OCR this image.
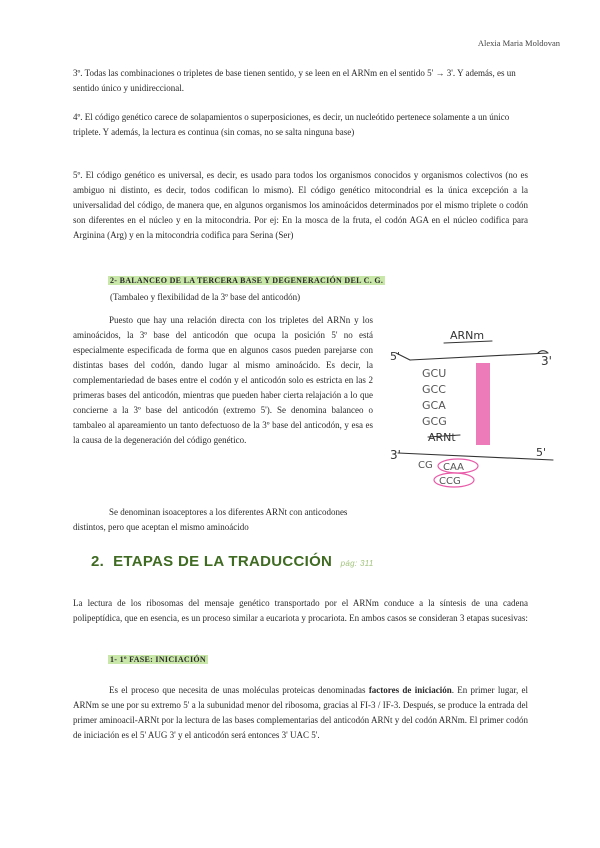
Alexia Maria Moldovan
3º. Todas las combinaciones o tripletes de base tienen sentido, y se leen en el ARNm en el sentido 5' → 3'. Y además, es un sentido único y unidireccional.
4º. El código genético carece de solapamientos o superposiciones, es decir, un nucleótido pertenece solamente a un único triplete. Y además, la lectura es continua (sin comas, no se salta ninguna base)
5º. El código genético es universal, es decir, es usado para todos los organismos conocidos y organismos colectivos (no es ambiguo ni distinto, es decir, todos codifican lo mismo). El código genético mitocondrial es la única excepción a la universalidad del código, de manera que, en algunos organismos los aminoácidos determinados por el mismo triplete o codón son diferentes en el núcleo y en la mitocondria. Por ej: En la mosca de la fruta, el codón AGA en el núcleo codifica para Arginina (Arg) y en la mitocondria codifica para Serina (Ser)
2- BALANCEO DE LA TERCERA BASE Y DEGENERACIÓN DEL C. G.
(Tambaleo y flexibilidad de la 3º base del anticodón)
Puesto que hay una relación directa con los tripletes del ARNn y los aminoácidos, la 3º base del anticodón que ocupa la posición 5' no está especialmente especificada de forma que en algunos casos pueden parejarse con distintas bases del codón, dando lugar al mismo aminoácido. Es decir, la complementariedad de bases entre el codón y el anticodón solo es estricta en las 2 primeras bases del anticodón, mientras que pueden haber cierta relajación a lo que concierne a la 3º base del anticodón (extremo 5'). Se denomina balanceo o tambaleo al apareamiento un tanto defectuoso de la 3º base del anticodón, y esa es la causa de la degeneración del código genético.
Se denominan isoaceptores a los diferentes ARNt con anticodones distintos, pero que aceptan el mismo aminoácido
ARNm
5'	3'
GCU
GCC
GCA
GCG
ARNt
3'	5'
CG CAA
CCG
2. ETAPAS DE LA TRADUCCIÓN pág: 311
La lectura de los ribosomas del mensaje genético transportado por el ARNm conduce a la síntesis de una cadena polipeptídica, que en esencia, es un proceso similar a eucariota y procariota. En ambos casos se consideran 3 etapas sucesivas:
1- 1º FASE: INICIACIÓN
Es el proceso que necesita de unas moléculas proteicas denominadas factores de iniciación. En primer lugar, el ARNm se une por su extremo 5' a la subunidad menor del ribosoma, gracias al FI-3 / IF-3. Después, se produce la entrada del primer aminoacil-ARNt por la lectura de las bases complementarias del anticodón ARNt y del codón ARNm. El primer codón de iniciación es el 5' AUG 3' y el anticodón será entonces 3' UAC 5'.
